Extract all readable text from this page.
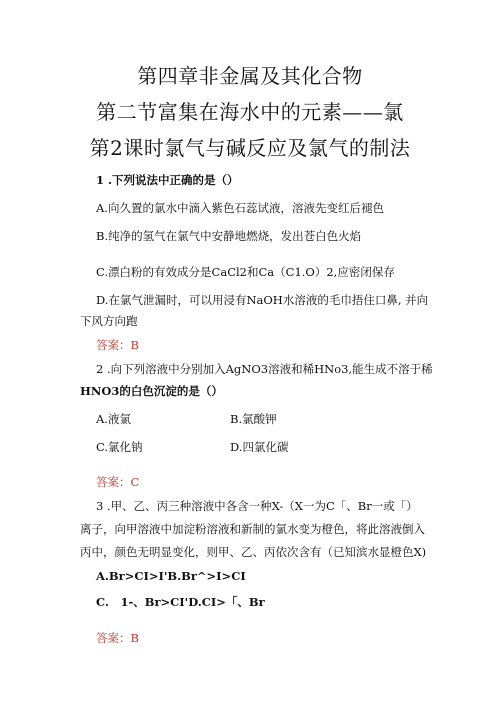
第四章非金属及其化合物
第二节富集在海水中的元素——氯
第2课时氯气与碱反应及氯气的制法
1 .下列说法中正确的是（）
A.向久置的氯水中滴入紫色石蕊试液，溶液先变红后褪色
B.纯净的氢气在氯气中安静地燃烧，发出苍白色火焰
C.漂白粉的有效成分是CaCl2和Ca（C1.O）2,应密闭保存
D.在氯气泄漏时，可以用浸有NaOH水溶液的毛巾捂住口鼻, 并向
下风方向跑
答案：B
2 .向下列溶液中分别加入AgNO3溶液和稀HNo3,能生成不溶于稀
HNO3的白色沉淀的是（）
A.液氯	B.氯酸钾
C.氯化钠	D.四氯化碳
答案：C
3 .甲、乙、丙三种溶液中各含一种X-（X一为C「、Br一或「）
离子，向甲溶液中加淀粉溶液和新制的氯水变为橙色，将此溶液倒入
丙中，颜色无明显变化，则甲、乙、丙依次含有（已知滨水显橙色X)
A.Br>CI>I'B.Br^>I>CI
C.　1-、Br>CI'D.CI>「、Br
答案：B
